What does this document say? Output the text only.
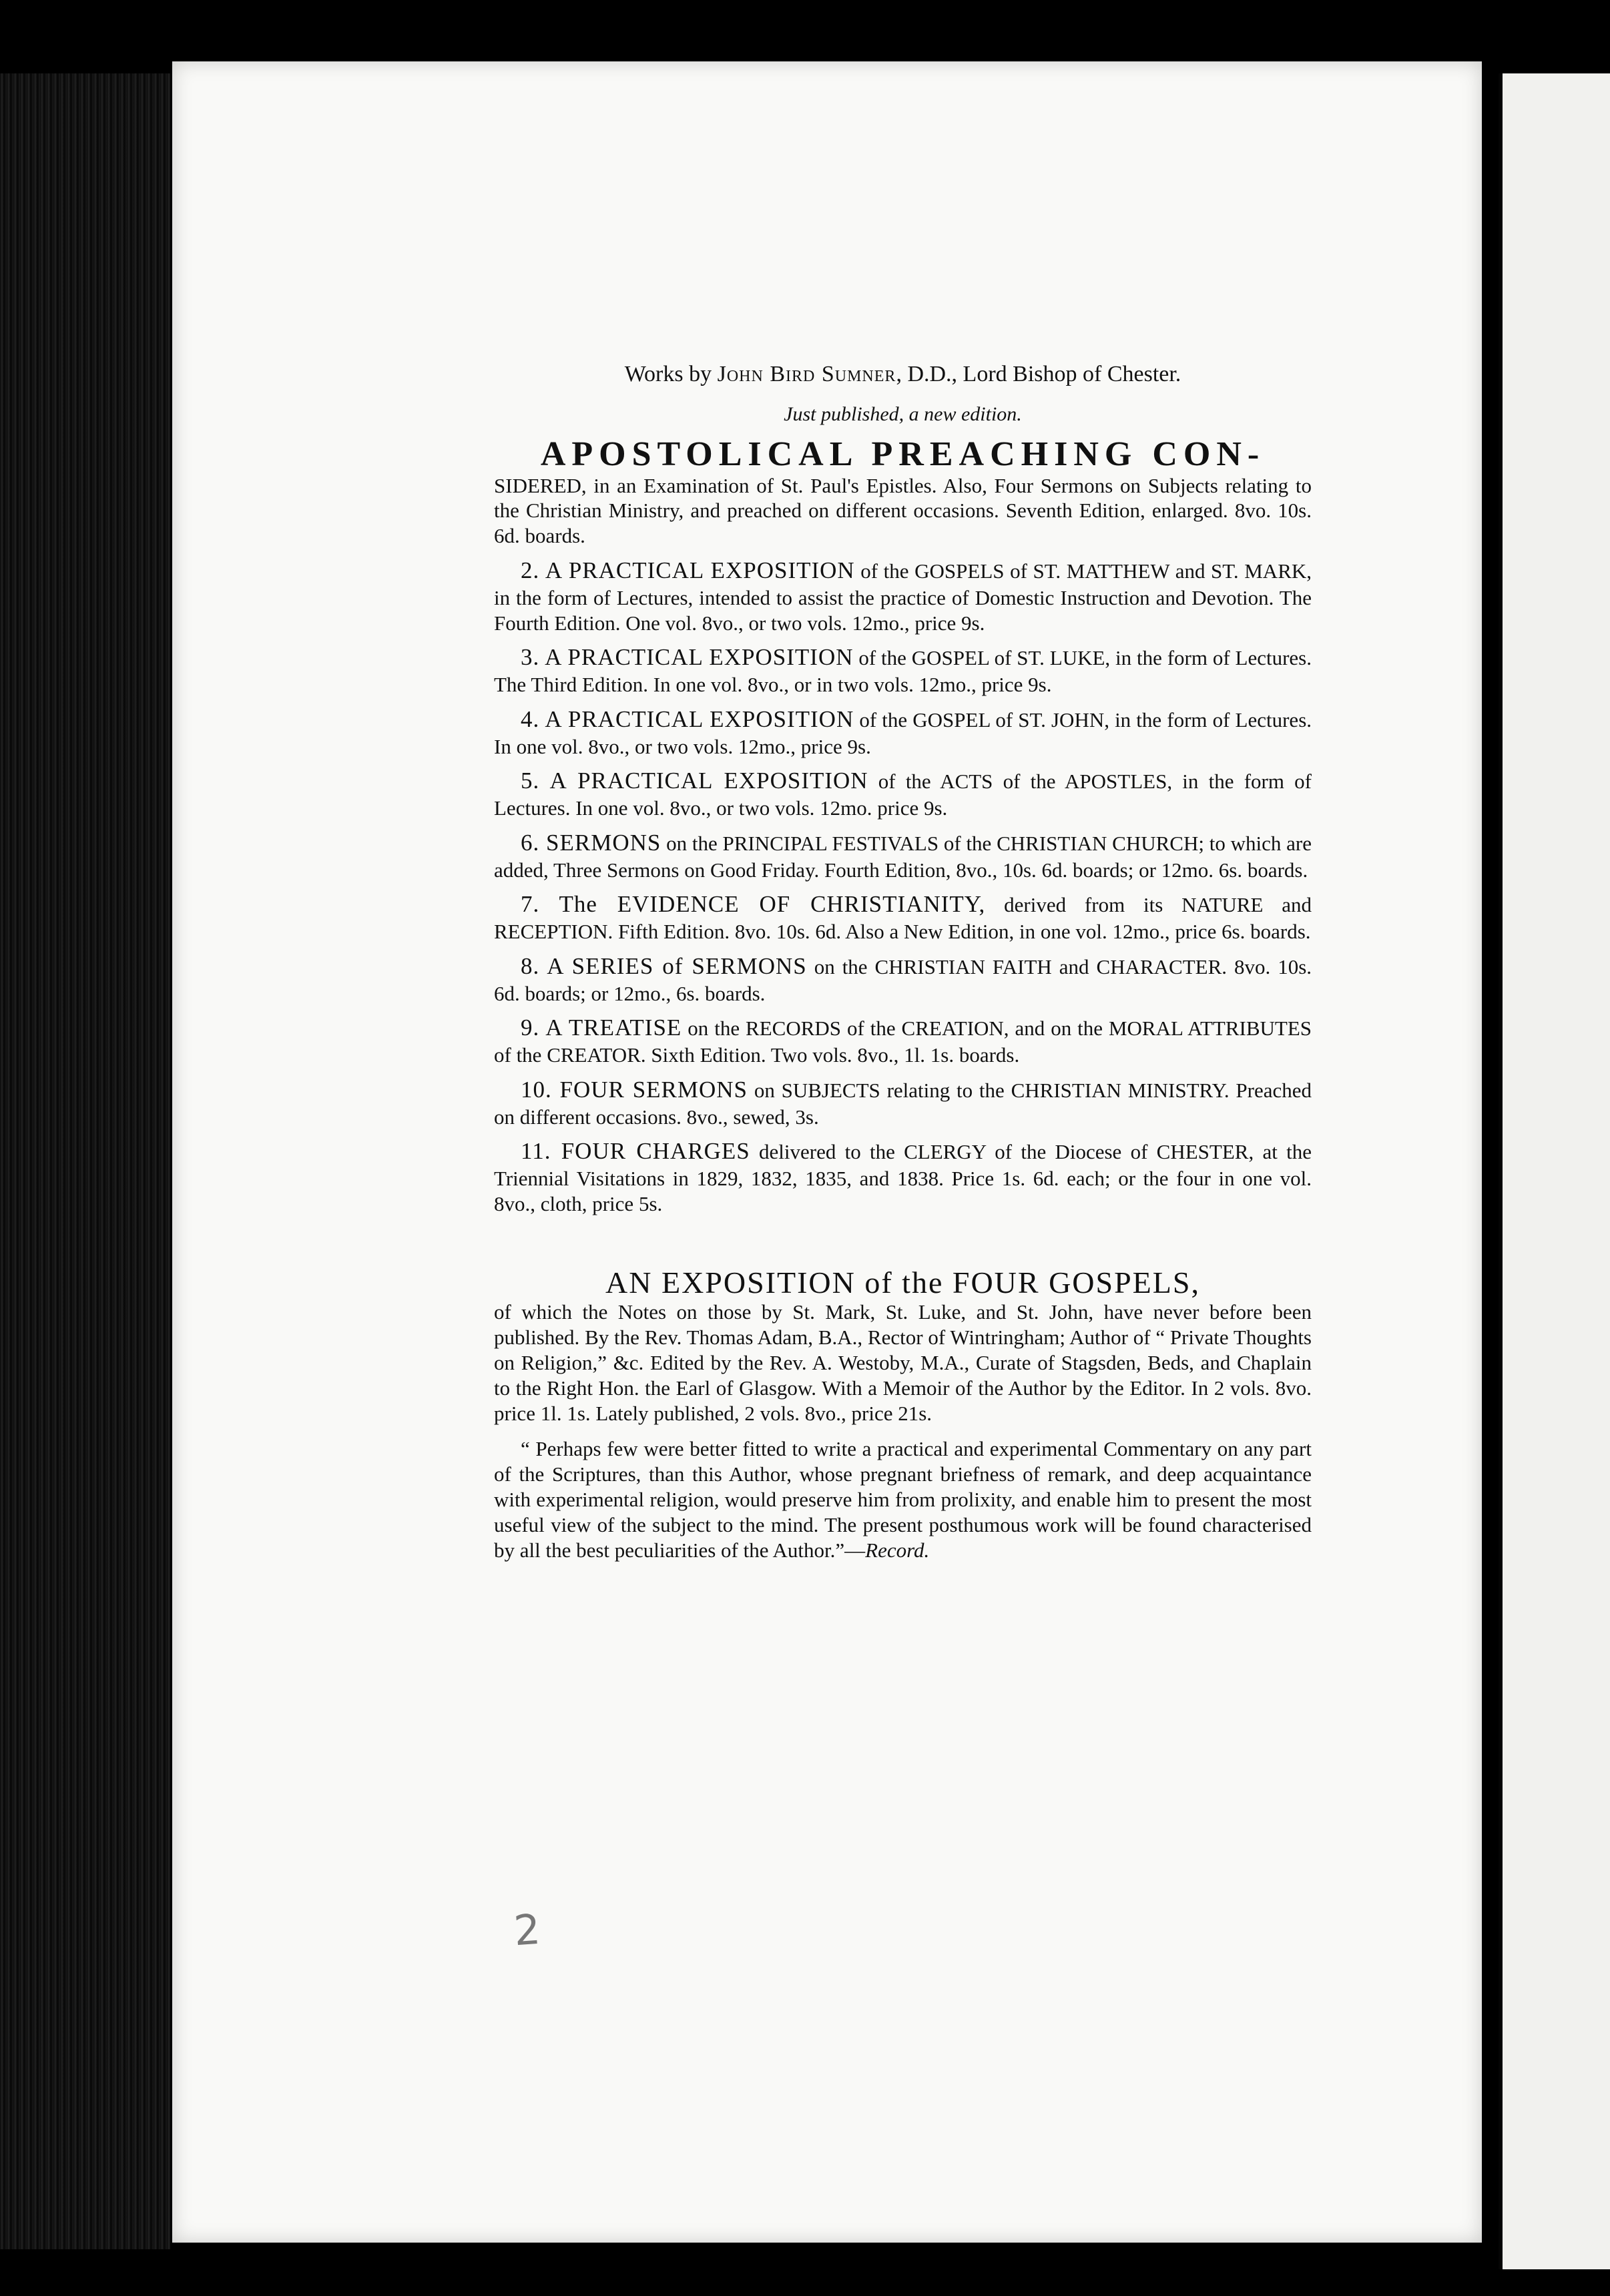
Works by John Bird Sumner, D.D., Lord Bishop of Chester.

Just published, a new edition.

APOSTOLICAL PREACHING CON-
SIDERED, in an Examination of St. Paul's Epistles. Also, Four Sermons on Subjects relating to the Christian Ministry, and preached on different occasions. Seventh Edition, enlarged. 8vo. 10s. 6d. boards.

2. A PRACTICAL EXPOSITION of the GOSPELS of ST. MATTHEW and ST. MARK, in the form of Lectures, intended to assist the practice of Domestic Instruction and Devotion. The Fourth Edition. One vol. 8vo., or two vols. 12mo., price 9s.

3. A PRACTICAL EXPOSITION of the GOSPEL of ST. LUKE, in the form of Lectures. The Third Edition. In one vol. 8vo., or in two vols. 12mo., price 9s.

4. A PRACTICAL EXPOSITION of the GOSPEL of ST. JOHN, in the form of Lectures. In one vol. 8vo., or two vols. 12mo., price 9s.

5. A PRACTICAL EXPOSITION of the ACTS of the APOSTLES, in the form of Lectures. In one vol. 8vo., or two vols. 12mo. price 9s.

6. SERMONS on the PRINCIPAL FESTIVALS of the CHRISTIAN CHURCH; to which are added, Three Sermons on Good Friday. Fourth Edition, 8vo., 10s. 6d. boards; or 12mo. 6s. boards.

7. The EVIDENCE OF CHRISTIANITY, derived from its NATURE and RECEPTION. Fifth Edition. 8vo. 10s. 6d. Also a New Edition, in one vol. 12mo., price 6s. boards.

8. A SERIES of SERMONS on the CHRISTIAN FAITH and CHARACTER. 8vo. 10s. 6d. boards; or 12mo., 6s. boards.

9. A TREATISE on the RECORDS of the CREATION, and on the MORAL ATTRIBUTES of the CREATOR. Sixth Edition. Two vols. 8vo., 1l. 1s. boards.

10. FOUR SERMONS on SUBJECTS relating to the CHRISTIAN MINISTRY. Preached on different occasions. 8vo., sewed, 3s.

11. FOUR CHARGES delivered to the CLERGY of the Diocese of CHESTER, at the Triennial Visitations in 1829, 1832, 1835, and 1838. Price 1s. 6d. each; or the four in one vol. 8vo., cloth, price 5s.

AN EXPOSITION of the FOUR GOSPELS,
of which the Notes on those by St. Mark, St. Luke, and St. John, have never before been published. By the Rev. Thomas Adam, B.A., Rector of Wintringham; Author of “ Private Thoughts on Religion,” &c. Edited by the Rev. A. Westoby, M.A., Curate of Stagsden, Beds, and Chaplain to the Right Hon. the Earl of Glasgow. With a Memoir of the Author by the Editor. In 2 vols. 8vo. price 1l. 1s. Lately published, 2 vols. 8vo., price 21s.

“ Perhaps few were better fitted to write a practical and experimental Commentary on any part of the Scriptures, than this Author, whose pregnant briefness of remark, and deep acquaintance with experimental religion, would preserve him from prolixity, and enable him to present the most useful view of the subject to the mind. The present posthumous work will be found characterised by all the best peculiarities of the Author.”—Record.

2
